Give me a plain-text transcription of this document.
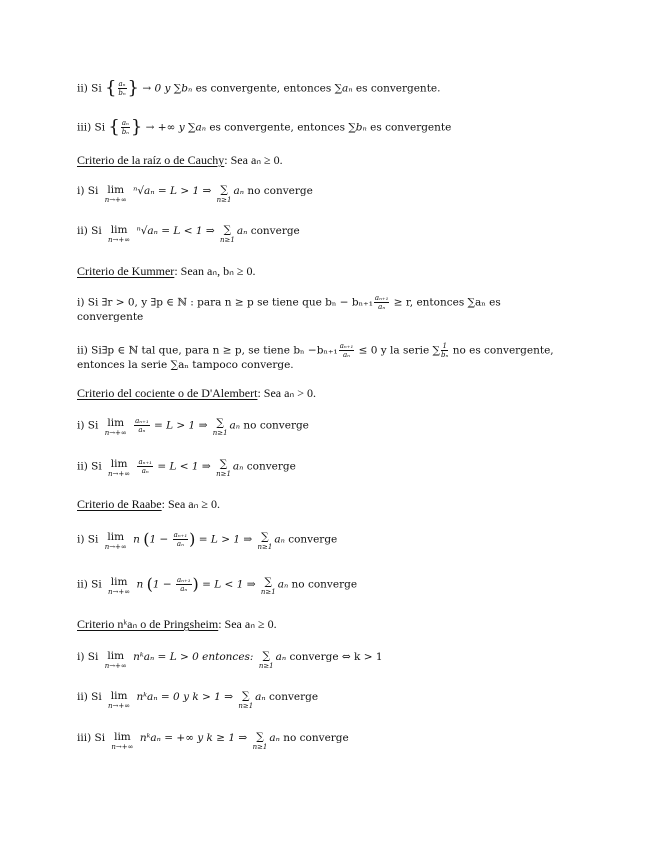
ii) Si { $\frac{\text{aₙ}}{\text{bₙ}}$ } → 0 y ∑bₙ es convergente, entonces ∑aₙ es convergente.
iii) Si { $\frac{\text{aₙ}}{\text{bₙ}}$ } → +∞ y ∑aₙ es convergente, entonces ∑bₙ es convergente
Criterio de la raíz o de Cauchy: Sea aₙ ≥ 0.
i) Si lim
n→+∞
ⁿ√aₙ = L > 1 ⇒ ∑
n≥1
aₙ no converge
ii) Si lim
n→+∞
ⁿ√aₙ = L < 1 ⇒ ∑
n≥1
aₙ converge
Criterio de Kummer: Sean aₙ, bₙ ≥ 0.
i) Si ∃r > 0, y ∃p ∈ ℕ : para n ≥ p se tiene que $b_n - b_{n+1} \frac{\text{aₙ₊₁}}{\text{aₙ}} \ge r$, entonces ∑aₙ es
convergente
ii) Si∃p ∈ ℕ tal que, para n ≥ p, se tiene $b_n -b_{n+1} \frac{\text{aₙ₊₁}}{\text{aₙ}} \le 0$ y la serie ∑ $\frac{1}{\text{bₙ}}$ no es convergente,
entonces la serie ∑aₙ tampoco converge.
Criterio del cociente o de D'Alembert: Sea aₙ > 0.
i) Si lim
n→+∞
$\frac{\text{aₙ₊₁}}{\text{aₙ}} = L > 1$ ⇒ ∑
n≥1
aₙ no converge
ii) Si lim
n→+∞
$\frac{\text{aₙ₊₁}}{\text{aₙ}} = L < 1$ ⇒ ∑
n≥1
aₙ converge
Criterio de Raabe: Sea aₙ ≥ 0.
i) Si lim
n→+∞
n ($1 - \frac{\text{aₙ₊₁}}{\text{aₙ}}$ ) = L > 1 ⇒ ∑
n≥1
aₙ converge
ii) Si lim
n→+∞
n ($1 - \frac{\text{aₙ₊₁}}{\text{aₙ}}$ ) = L < 1 ⇒ ∑
n≥1
aₙ no converge
Criterio nᵏaₙ o de Pringsheim: Sea aₙ ≥ 0.
i) Si lim
n→+∞
nᵏaₙ = L > 0 entonces: ∑
n≥1
aₙ converge ⇔ k > 1
ii) Si lim
n→+∞
nᵏaₙ = 0 y k > 1 ⇒ ∑
n≥1
aₙ converge
iii) Si lim
n→+∞
nᵏaₙ = +∞ y k ≥ 1 ⇒ ∑
n≥1
aₙ no converge
